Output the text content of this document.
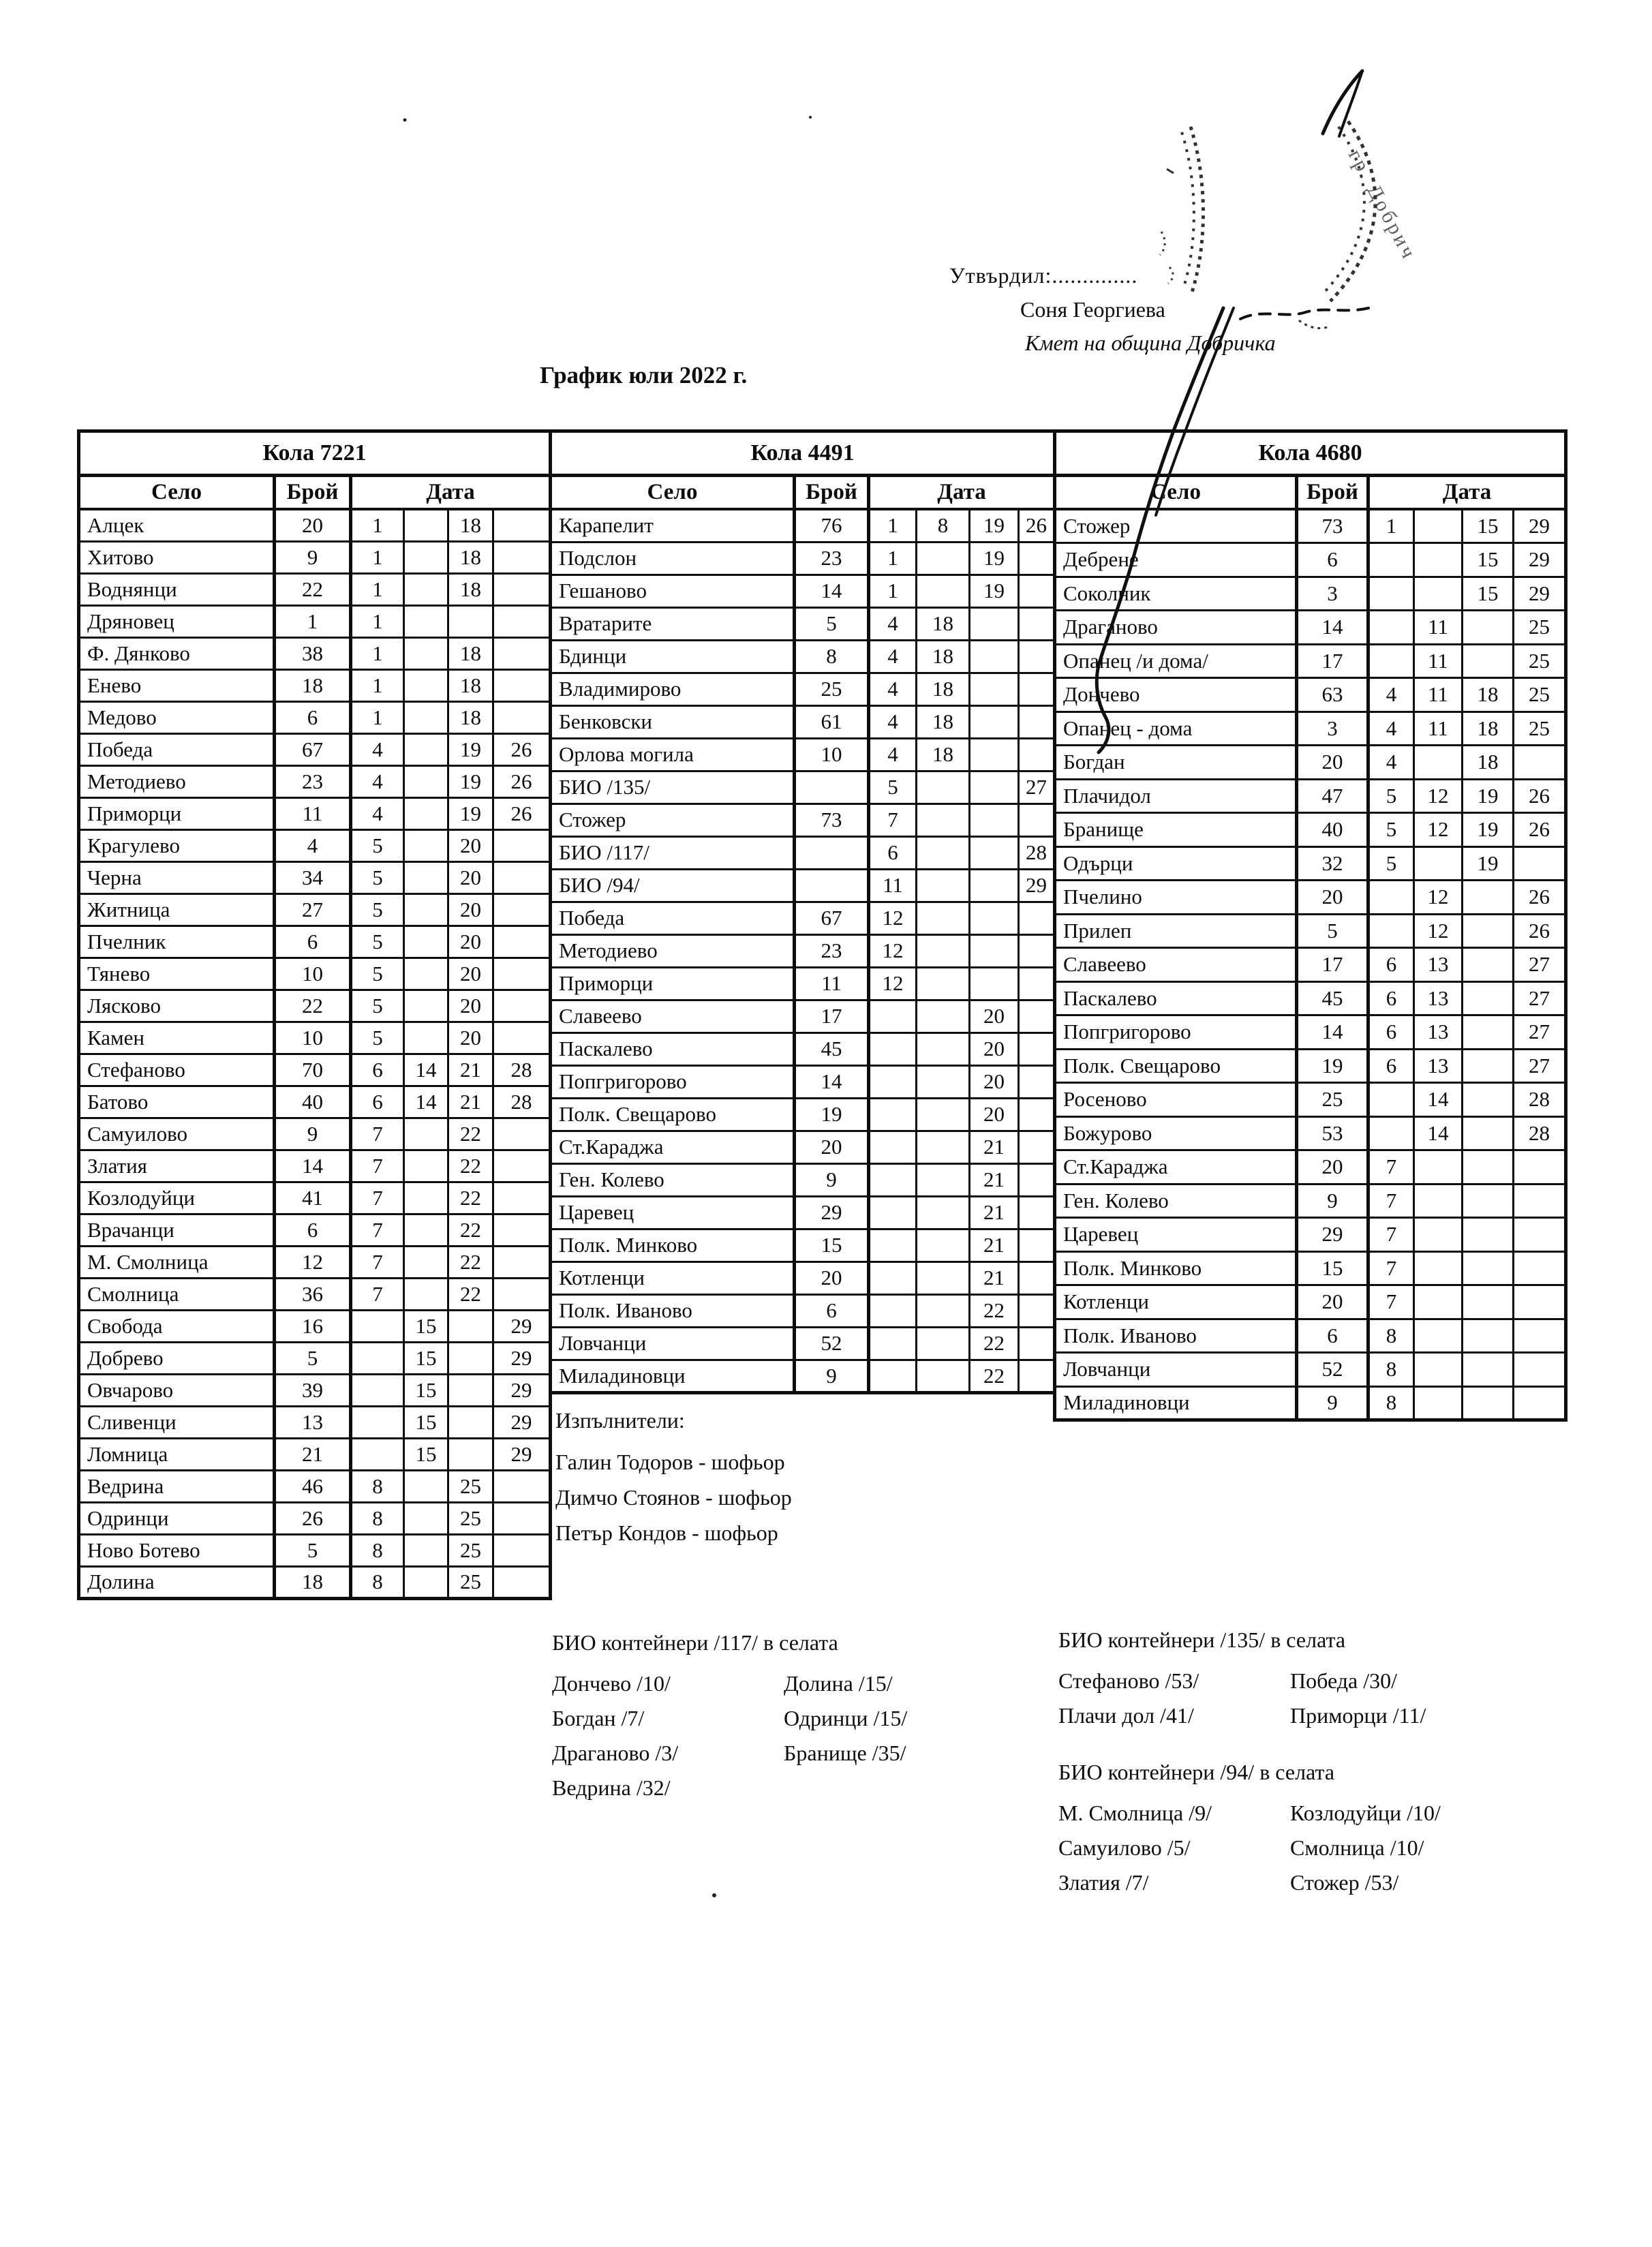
Утвърдил:..............
Соня Георгиева
Кмет на община Добричка
График юли 2022 г.
Кола 7221					
Село	Брой	Дата			
Алцек	20	1		18	
Хитово	9	1		18	
Воднянци	22	1		18	
Дряновец	1	1			
Ф. Дянково	38	1		18	
Енево	18	1		18	
Медово	6	1		18	
Победа	67	4		19	26
Методиево	23	4		19	26
Приморци	11	4		19	26
Крагулево	4	5		20	
Черна	34	5		20	
Житница	27	5		20	
Пчелник	6	5		20	
Тянево	10	5		20	
Лясково	22	5		20	
Камен	10	5		20	
Стефаново	70	6	14	21	28
Батово	40	6	14	21	28
Самуилово	9	7		22	
Златия	14	7		22	
Козлодуйци	41	7		22	
Врачанци	6	7		22	
М. Смолница	12	7		22	
Смолница	36	7		22	
Свобода	16		15		29
Добрево	5		15		29
Овчарово	39		15		29
Сливенци	13		15		29
Ломница	21		15		29
Ведрина	46	8		25	
Одринци	26	8		25	
Ново Ботево	5	8		25	
Долина	18	8		25	
Кола 4491					
Село	Брой	Дата			
Карапелит	76	1	8	19	26
Подслон	23	1		19	
Гешаново	14	1		19	
Вратарите	5	4	18		
Бдинци	8	4	18		
Владимирово	25	4	18		
Бенковски	61	4	18		
Орлова могила	10	4	18		
БИО /135/		5			27
Стожер	73	7			
БИО /117/		6			28
БИО /94/		11			29
Победа	67	12			
Методиево	23	12			
Приморци	11	12			
Славеево	17			20	
Паскалево	45			20	
Попгригорово	14			20	
Полк. Свещарово	19			20	
Ст.Караджа	20			21	
Ген. Колево	9			21	
Царевец	29			21	
Полк. Минково	15			21	
Котленци	20			21	
Полк. Иваново	6			22	
Ловчанци	52			22	
Миладиновци	9			22	
Кола 4680					
Село	Брой	Дата			
Стожер	73	1		15	29
Дебрене	6			15	29
Соколник	3			15	29
Драганово	14		11		25
Опанец /и дома/	17		11		25
Дончево	63	4	11	18	25
Опанец - дома	3	4	11	18	25
Богдан	20	4		18	
Плачидол	47	5	12	19	26
Бранище	40	5	12	19	26
Одърци	32	5		19	
Пчелино	20		12		26
Прилеп	5		12		26
Славеево	17	6	13		27
Паскалево	45	6	13		27
Попгригорово	14	6	13		27
Полк. Свещарово	19	6	13		27
Росеново	25		14		28
Божурово	53		14		28
Ст.Караджа	20	7			
Ген. Колево	9	7			
Царевец	29	7			
Полк. Минково	15	7			
Котленци	20	7			
Полк. Иваново	6	8			
Ловчанци	52	8			
Миладиновци	9	8			
Изпълнители:
Галин Тодоров - шофьор
Димчо Стоянов - шофьор
Петър Кондов - шофьор
БИО контейнери /117/ в селата
Дончево /10/	Долина /15/
Богдан /7/	Одринци /15/
Драганово /3/	Бранище /35/
Ведрина /32/
БИО контейнери /135/ в селата
Стефаново /53/	Победа /30/
Плачи дол /41/	Приморци /11/
БИО контейнери /94/ в селата
М. Смолница /9/	Козлодуйци /10/
Самуилово /5/	Смолница /10/
Златия /7/	Стожер /53/
гр. Добрич
